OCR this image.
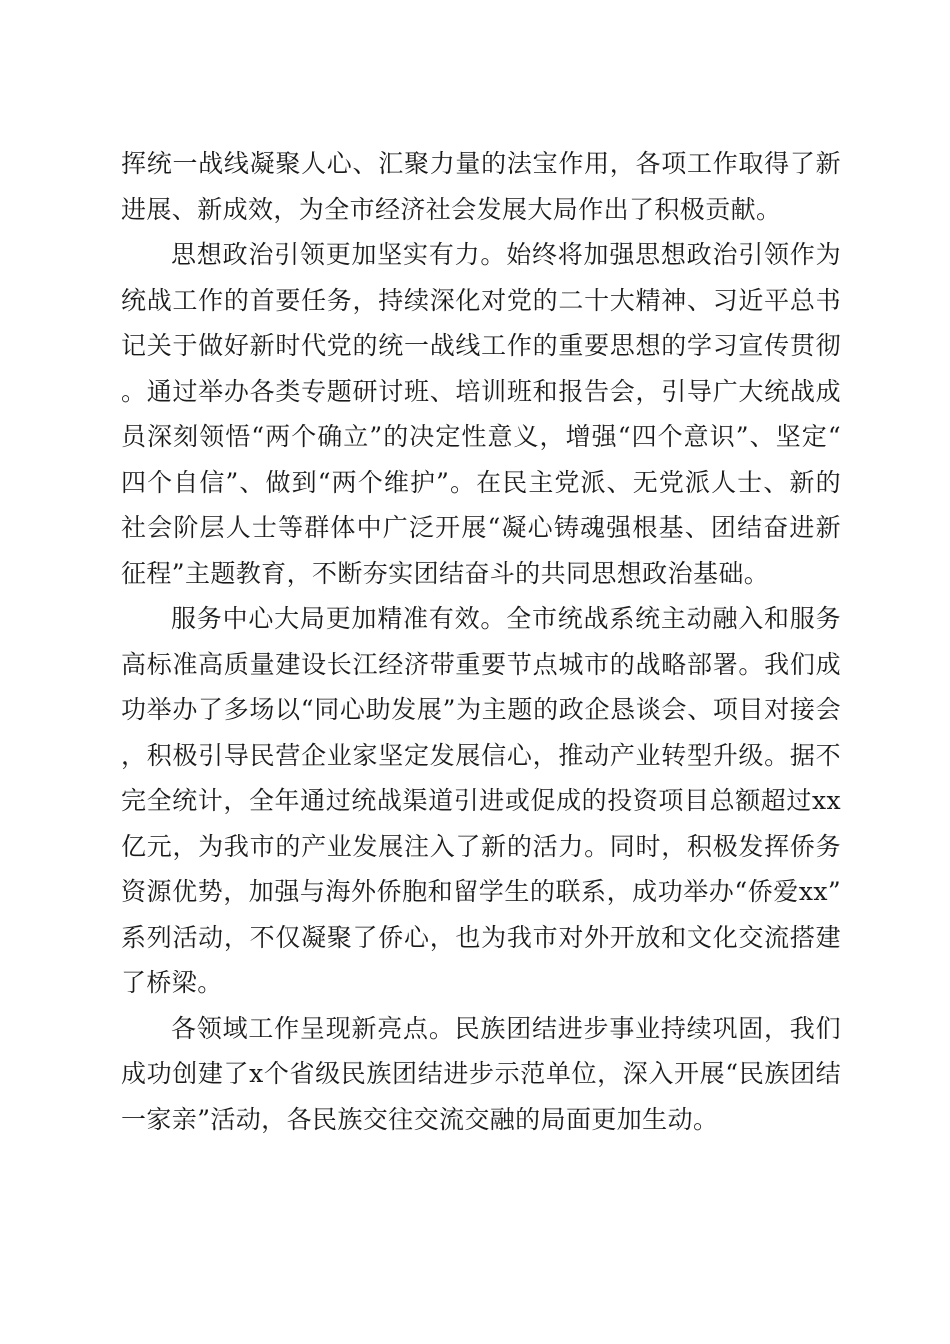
挥统一战线凝聚人心、汇聚力量的法宝作用，各项工作取得了新进展、新成效，为全市经济社会发展大局作出了积极贡献。

思想政治引领更加坚实有力。始终将加强思想政治引领作为统战工作的首要任务，持续深化对党的二十大精神、习近平总书记关于做好新时代党的统一战线工作的重要思想的学习宣传贯彻。通过举办各类专题研讨班、培训班和报告会，引导广大统战成员深刻领悟“两个确立”的决定性意义，增强“四个意识”、坚定“四个自信”、做到“两个维护”。在民主党派、无党派人士、新的社会阶层人士等群体中广泛开展“凝心铸魂强根基、团结奋进新征程”主题教育，不断夯实团结奋斗的共同思想政治基础。

服务中心大局更加精准有效。全市统战系统主动融入和服务高标准高质量建设长江经济带重要节点城市的战略部署。我们成功举办了多场以“同心助发展”为主题的政企恳谈会、项目对接会，积极引导民营企业家坚定发展信心，推动产业转型升级。据不完全统计，全年通过统战渠道引进或促成的投资项目总额超过xx亿元，为我市的产业发展注入了新的活力。同时，积极发挥侨务资源优势，加强与海外侨胞和留学生的联系，成功举办“侨爱xx”系列活动，不仅凝聚了侨心，也为我市对外开放和文化交流搭建了桥梁。

各领域工作呈现新亮点。民族团结进步事业持续巩固，我们成功创建了x个省级民族团结进步示范单位，深入开展“民族团结一家亲”活动，各民族交往交流交融的局面更加生动。
